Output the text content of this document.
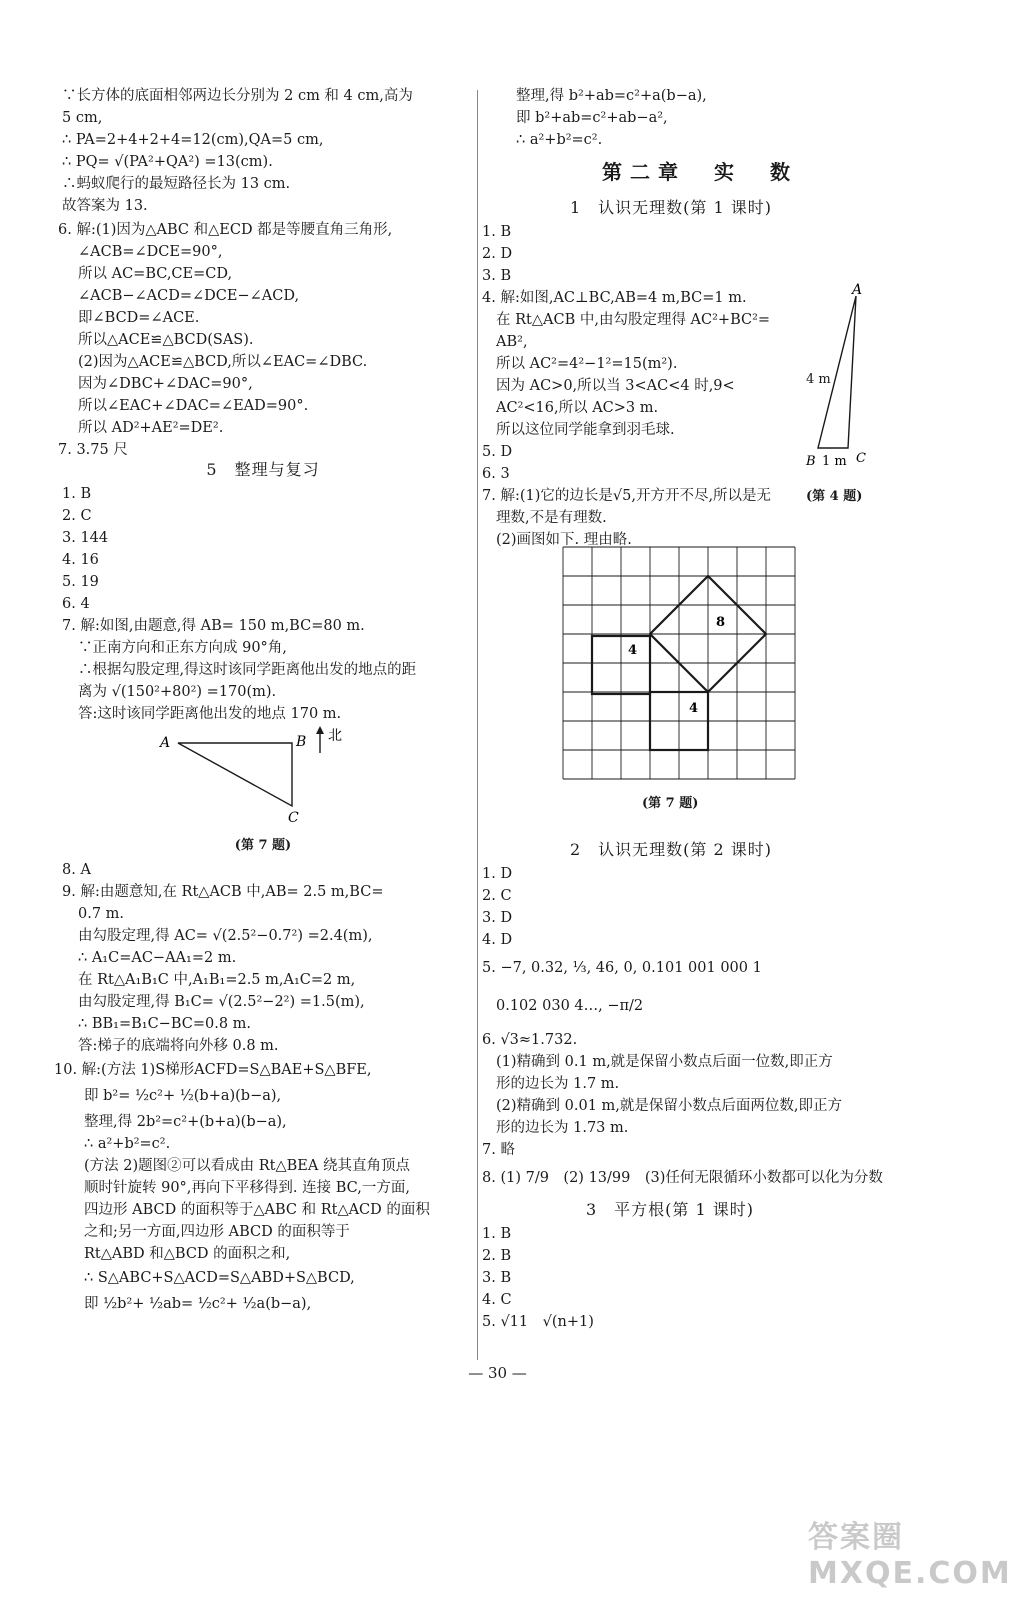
∵长方体的底面相邻两边长分别为 2 cm 和 4 cm,高为
5 cm,
∴ PA=2+4+2+4=12(cm),QA=5 cm,
∴ PQ= √(PA²+QA²) =13(cm).
∴蚂蚁爬行的最短路径长为 13 cm.
故答案为 13.
6. 解:(1)因为△ABC 和△ECD 都是等腰直角三角形,
∠ACB=∠DCE=90°,
所以 AC=BC,CE=CD,
∠ACB−∠ACD=∠DCE−∠ACD,
即∠BCD=∠ACE.
所以△ACE≌△BCD(SAS).
(2)因为△ACE≌△BCD,所以∠EAC=∠DBC.
因为∠DBC+∠DAC=90°,
所以∠EAC+∠DAC=∠EAD=90°.
所以 AD²+AE²=DE².
7. 3.75 尺
5　整理与复习
1. B
2. C
3. 144
4. 16
5. 19
6. 4
7. 解:如图,由题意,得 AB= 150 m,BC=80 m.
∵正南方向和正东方向成 90°角,
∴根据勾股定理,得这时该同学距离他出发的地点的距
离为 √(150²+80²) =170(m).
答:这时该同学距离他出发的地点 170 m.
A	B
C
北
(第 7 题)
8. A
9. 解:由题意知,在 Rt△ACB 中,AB= 2.5 m,BC=
0.7 m.
由勾股定理,得 AC= √(2.5²−0.7²) =2.4(m),
∴ A₁C=AC−AA₁=2 m.
在 Rt△A₁B₁C 中,A₁B₁=2.5 m,A₁C=2 m,
由勾股定理,得 B₁C= √(2.5²−2²) =1.5(m),
∴ BB₁=B₁C−BC=0.8 m.
答:梯子的底端将向外移 0.8 m.
10. 解:(方法 1)S梯形ACFD=S△BAE+S△BFE,
即 b²= ½c²+ ½(b+a)(b−a),
整理,得 2b²=c²+(b+a)(b−a),
∴ a²+b²=c².
(方法 2)题图②可以看成由 Rt△BEA 绕其直角顶点
顺时针旋转 90°,再向下平移得到. 连接 BC,一方面,
四边形 ABCD 的面积等于△ABC 和 Rt△ACD 的面积
之和;另一方面,四边形 ABCD 的面积等于
Rt△ABD 和△BCD 的面积之和,
∴ S△ABC+S△ACD=S△ABD+S△BCD,
即 ½b²+ ½ab= ½c²+ ½a(b−a),
整理,得 b²+ab=c²+a(b−a),
即 b²+ab=c²+ab−a²,
∴ a²+b²=c².
第二章　实　数
1　认识无理数(第 1 课时)
1. B
2. D
3. B
4. 解:如图,AC⊥BC,AB=4 m,BC=1 m.
在 Rt△ACB 中,由勾股定理得 AC²+BC²=
AB²,
所以 AC²=4²−1²=15(m²).
因为 AC>0,所以当 3<AC<4 时,9<
AC²<16,所以 AC>3 m.
所以这位同学能拿到羽毛球.
5. D
6. 3
A
B	C
1 m
4 m
7. 解:(1)它的边长是√5,开方开不尽,所以是无	(第 4 题)
理数,不是有理数.
(2)画图如下. 理由略.
8
4
4
(第 7 题)
2　认识无理数(第 2 课时)
1. D
2. C
3. D
4. D
5. −7, 0.32, ⅓, 46, 0, 0.101 001 000 1
0.102 030 4…, −π/2
6. √3≈1.732.
(1)精确到 0.1 m,就是保留小数点后面一位数,即正方
形的边长为 1.7 m.
(2)精确到 0.01 m,就是保留小数点后面两位数,即正方
形的边长为 1.73 m.
7. 略
8. (1) 7/9　(2) 13/99　(3)任何无限循环小数都可以化为分数
3　平方根(第 1 课时)
1. B
2. B
3. B
4. C
5. √11　√(n+1)
— 30 —
答案圈 MXQE.COM
